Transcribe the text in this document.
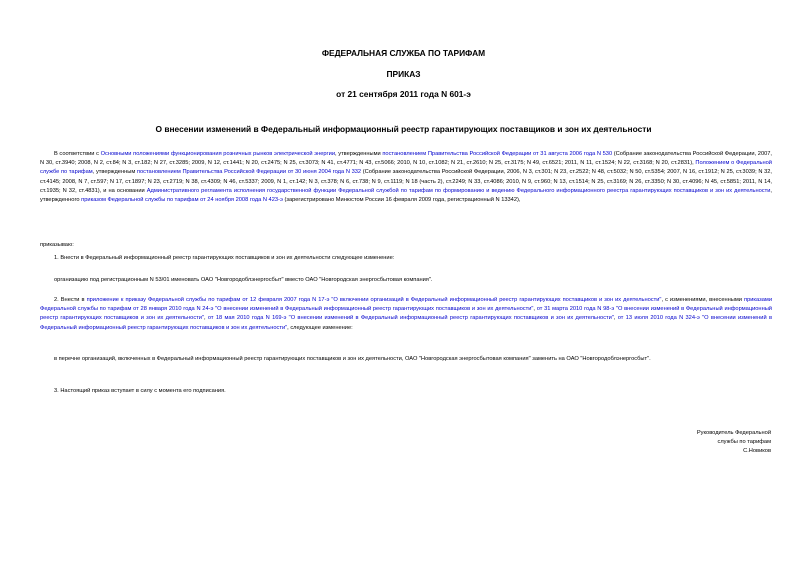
ФЕДЕРАЛЬНАЯ СЛУЖБА ПО ТАРИФАМ
ПРИКАЗ
от 21 сентября 2011 года N 601-э
О внесении изменений в Федеральный информационный реестр гарантирующих поставщиков и зон их деятельности

В соответствии с Основными положениями функционирования розничных рынков электрической энергии, утвержденными постановлением Правительства Российской Федерации от 31 августа 2006 года N 530 (Собрание законодательства Российской Федерации, 2007, N 30, ст.3940; 2008, N 2, ст.84; N 3, ст.182; N 27, ст.3285; 2009, N 12, ст.1441; N 20, ст.2475; N 25, ст.3073; N 41, ст.4771; N 43, ст.5066; 2010, N 10, ст.1082; N 21, ст.2610; N 25, ст.3175; N 49, ст.6521; 2011, N 11, ст.1524; N 22, ст.3168; N 20, ст.2831), Положением о Федеральной службе по тарифам, утвержденным постановлением Правительства Российской Федерации от 30 июня 2004 года N 332 (Собрание законодательства Российской Федерации, 2006, N 3, ст.301; N 23, ст.2522; N 48, ст.5032; N 50, ст.5354; 2007, N 16, ст.1912; N 25, ст.3039; N 32, ст.4145; 2008, N 7, ст.597; N 17, ст.1897; N 23, ст.2719; N 38, ст.4309; N 46, ст.5337; 2009, N 1, ст.142; N 3, ст.378; N 6, ст.738; N 9, ст.1119; N 18 (часть 2), ст.2249; N 33, ст.4086; 2010, N 9, ст.960; N 13, ст.1514; N 25, ст.3169; N 26, ст.3350; N 30, ст.4096; N 45, ст.5851; 2011, N 14, ст.1935; N 32, ст.4831), и на основании Административного регламента исполнения государственной функции Федеральной службой по тарифам по формированию и ведению Федерального информационного реестра гарантирующих поставщиков и зон их деятельности, утвержденного приказом Федеральной службы по тарифам от 24 ноября 2008 года N 423-э (зарегистрировано Минюстом России 16 февраля 2009 года, регистрационный N 13342),

приказываю:

1. Внести в Федеральный информационный реестр гарантирующих поставщиков и зон их деятельности следующее изменение:

организацию под регистрационным N 53/01 именовать ОАО "Новгородоблэнергосбыт" вместо ОАО "Новгородская энергосбытовая компания".

2. Внести в приложение к приказу Федеральной службы по тарифам от 12 февраля 2007 года N 17-э "О включении организаций в Федеральный информационный реестр гарантирующих поставщиков и зон их деятельности", с изменениями, внесенными приказами Федеральной службы по тарифам от 28 января 2010 года N 24-э "О внесении изменений в Федеральный информационный реестр гарантирующих поставщиков и зон их деятельности", от 31 марта 2010 года N 98-э "О внесении изменений в Федеральный информационный реестр гарантирующих поставщиков и зон их деятельности", от 18 мая 2010 года N 169-э "О внесении изменений в Федеральный информационный реестр гарантирующих поставщиков и зон их деятельности", от 13 июля 2010 года N 324-э "О внесении изменений в Федеральный информационный реестр гарантирующих поставщиков и зон их деятельности", следующее изменение:

в перечне организаций, включенных в Федеральный информационный реестр гарантирующих поставщиков и зон их деятельности, ОАО "Новгородская энергосбытовая компания" заменить на ОАО "Новгородоблэнергосбыт".

3. Настоящий приказ вступает в силу с момента его подписания.

Руководитель Федеральной
службы по тарифам
С.Новиков
